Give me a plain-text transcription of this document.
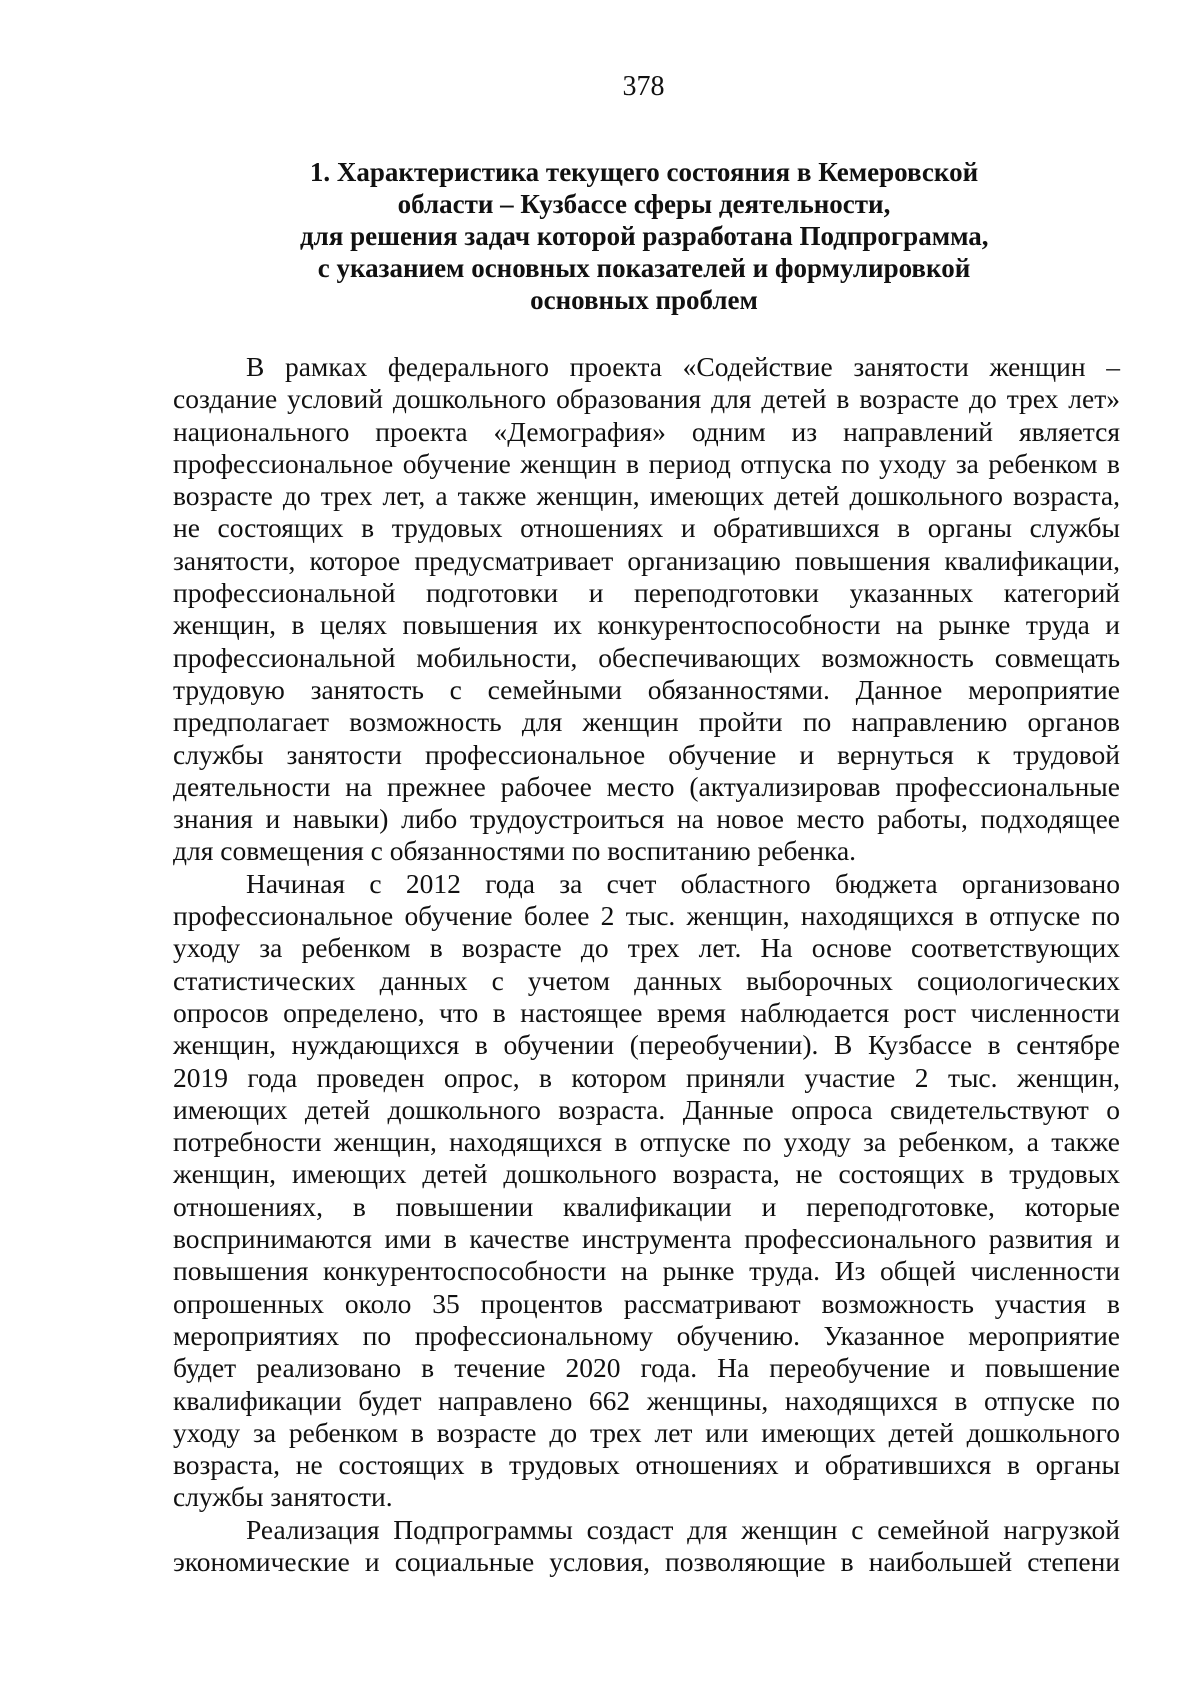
378
1. Характеристика текущего состояния в Кемеровской
области – Кузбассе сферы деятельности,
для решения задач которой разработана Подпрограмма,
с указанием основных показателей и формулировкой
основных проблем
В рамках федерального проекта «Содействие занятости женщин –
создание условий дошкольного образования для детей в возрасте до трех лет»
национального проекта «Демография» одним из направлений является
профессиональное обучение женщин в период отпуска по уходу за ребенком в
возрасте до трех лет, а также женщин, имеющих детей дошкольного возраста,
не состоящих в трудовых отношениях и обратившихся в органы службы
занятости, которое предусматривает организацию повышения квалификации,
профессиональной подготовки и переподготовки указанных категорий
женщин, в целях повышения их конкурентоспособности на рынке труда и
профессиональной мобильности, обеспечивающих возможность совмещать
трудовую занятость с семейными обязанностями. Данное мероприятие
предполагает возможность для женщин пройти по направлению органов
службы занятости профессиональное обучение и вернуться к трудовой
деятельности на прежнее рабочее место (актуализировав профессиональные
знания и навыки) либо трудоустроиться на новое место работы, подходящее
для совмещения с обязанностями по воспитанию ребенка.
Начиная с 2012 года за счет областного бюджета организовано
профессиональное обучение более 2 тыс. женщин, находящихся в отпуске по
уходу за ребенком в возрасте до трех лет. На основе соответствующих
статистических данных с учетом данных выборочных социологических
опросов определено, что в настоящее время наблюдается рост численности
женщин, нуждающихся в обучении (переобучении). В Кузбассе в сентябре
2019 года проведен опрос, в котором приняли участие 2 тыс. женщин,
имеющих детей дошкольного возраста. Данные опроса свидетельствуют о
потребности женщин, находящихся в отпуске по уходу за ребенком, а также
женщин, имеющих детей дошкольного возраста, не состоящих в трудовых
отношениях, в повышении квалификации и переподготовке, которые
воспринимаются ими в качестве инструмента профессионального развития и
повышения конкурентоспособности на рынке труда. Из общей численности
опрошенных около 35 процентов рассматривают возможность участия в
мероприятиях по профессиональному обучению. Указанное мероприятие
будет реализовано в течение 2020 года. На переобучение и повышение
квалификации будет направлено 662 женщины, находящихся в отпуске по
уходу за ребенком в возрасте до трех лет или имеющих детей дошкольного
возраста, не состоящих в трудовых отношениях и обратившихся в органы
службы занятости.
Реализация Подпрограммы создаст для женщин с семейной нагрузкой
экономические и социальные условия, позволяющие в наибольшей степени
